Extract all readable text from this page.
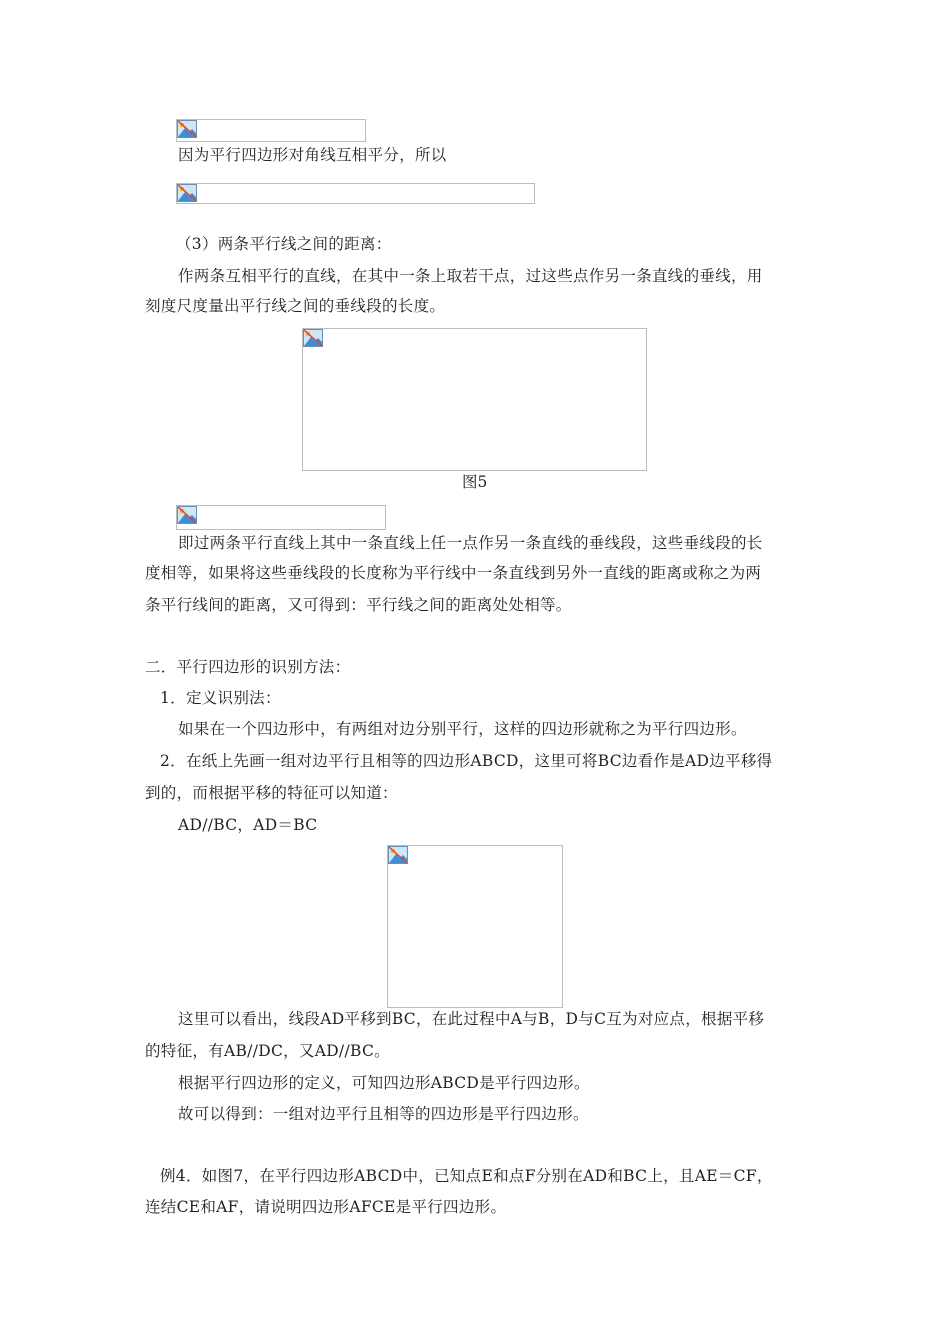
因为平行四边形对角线互相平分，所以
（3）两条平行线之间的距离：
作两条互相平行的直线，在其中一条上取若干点，过这些点作另一条直线的垂线，用
刻度尺度量出平行线之间的垂线段的长度。
图5
即过两条平行直线上其中一条直线上任一点作另一条直线的垂线段，这些垂线段的长
度相等，如果将这些垂线段的长度称为平行线中一条直线到另外一直线的距离或称之为两
条平行线间的距离，又可得到：平行线之间的距离处处相等。
二．平行四边形的识别方法：
1．定义识别法：
如果在一个四边形中，有两组对边分别平行，这样的四边形就称之为平行四边形。
2．在纸上先画一组对边平行且相等的四边形ABCD，这里可将BC边看作是AD边平移得
到的，而根据平移的特征可以知道：
AD//BC，AD＝BC
这里可以看出，线段AD平移到BC，在此过程中A与B，D与C互为对应点，根据平移
的特征，有AB//DC，又AD//BC。
根据平行四边形的定义，可知四边形ABCD是平行四边形。
故可以得到：一组对边平行且相等的四边形是平行四边形。
例4．如图7，在平行四边形ABCD中，已知点E和点F分别在AD和BC上，且AE＝CF，
连结CE和AF，请说明四边形AFCE是平行四边形。
